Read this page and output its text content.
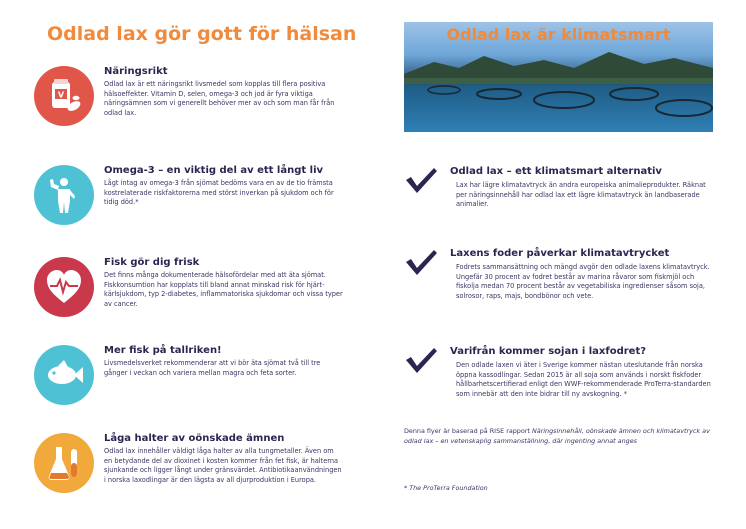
Odlad lax gör gott för hälsan
V
Näringsrikt
Odlad lax är ett näringsrikt livsmedel som kopplas till flera positiva hälsoeffekter. Vitamin D, selen, omega-3 och jod är fyra viktiga näringsämnen som vi generellt behöver mer av och som man får från odlad lax.
Omega-3 – en viktig del av ett långt liv
Lågt intag av omega-3 från sjömat bedöms vara en av de tio främsta kostrelaterade riskfaktorerna med störst inverkan på sjukdom och för tidig död.*
Fisk gör dig frisk
Det finns många dokumenterade hälsofördelar med att äta sjömat. Fiskkonsumtion har kopplats till bland annat minskad risk för hjärt-kärlsjukdom, typ 2-diabetes, inflammatoriska sjukdomar och vissa typer av cancer.
Mer fisk på tallriken!
Livsmedelsverket rekommenderar att vi bör äta sjömat två till tre gånger i veckan och variera mellan magra och feta sorter.
Låga halter av oönskade ämnen
Odlad lax innehåller väldigt låga halter av alla tungmetaller. Även om en betydande del av dioxinet i kosten kommer från fet fisk, är halterna sjunkande och ligger långt under gränsvärdet. Antibiotikaanvändningen i norska laxodlingar är den lägsta av all djurproduktion i Europa.
Odlad lax är klimatsmart
Odlad lax – ett klimatsmart alternativ
Lax har lägre klimatavtryck än andra europeiska animalieprodukter. Räknat per näringsinnehåll har odlad lax ett lägre klimatavtryck än landbaserade animalier.
Laxens foder påverkar klimatavtrycket
Fodrets sammansättning och mängd avgör den odlade laxens klimatavtryck. Ungefär 30 procent av fodret består av marina råvaror som fiskmjöl och fiskolja medan 70 procent består av vegetabiliska ingredienser såsom soja, solrosor, raps, majs, bondbönor och vete.
Varifrån kommer sojan i laxfodret?
Den odlade laxen vi äter i Sverige kommer nästan uteslutande från norska öppna kassodlingar. Sedan 2015 är all soja som används i norskt fiskfoder hållbarhetscertifierad enligt den WWF-rekommenderade ProTerra-standarden som innebär att den inte bidrar till ny avskogning. *
Denna flyer är baserad på RISE rapport Näringsinnehåll, oönskade ämnen och klimatavtryck av odlad lax – en vetenskaplig sammanställning, där ingenting annat anges
* The ProTerra Foundation
